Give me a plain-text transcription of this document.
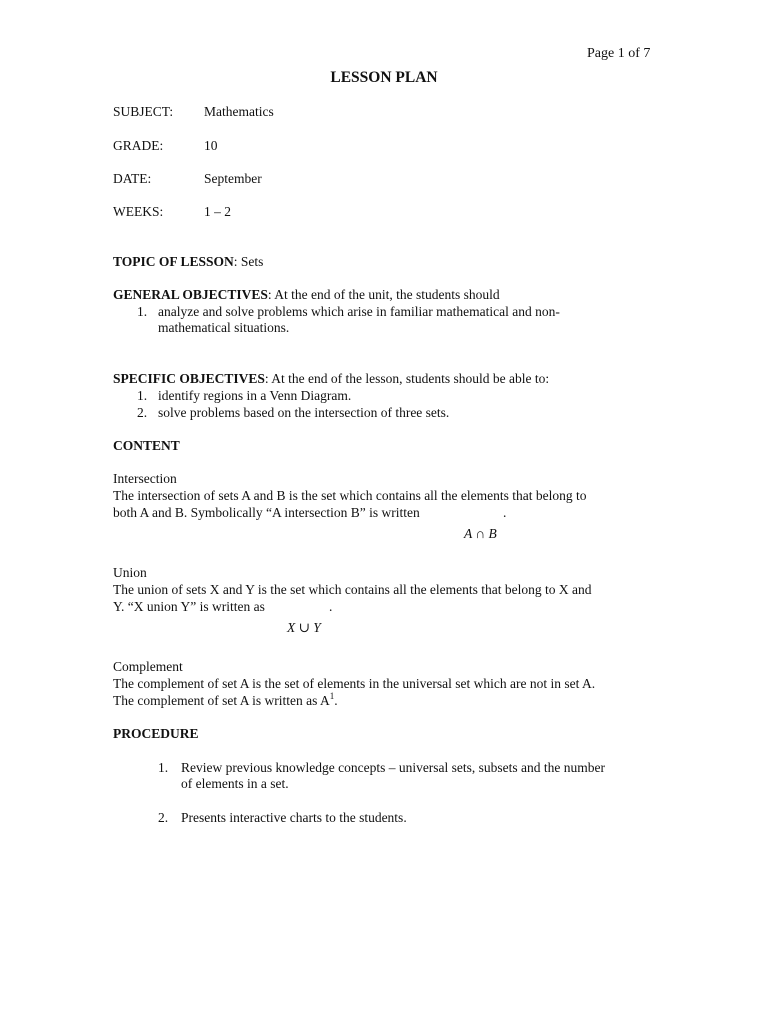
Page 1 of 7
LESSON PLAN
SUBJECT: Mathematics
GRADE:	10
DATE:	September
WEEKS:	1 – 2
TOPIC OF LESSON: Sets
GENERAL OBJECTIVES: At the end of the unit, the students should
1. analyze and solve problems which arise in familiar mathematical and non-
mathematical situations.
SPECIFIC OBJECTIVES: At the end of the lesson, students should be able to:
1. identify regions in a Venn Diagram.
2. solve problems based on the intersection of three sets.
CONTENT
Intersection
The intersection of sets A and B is the set which contains all the elements that belong to
both A and B. Symbolically “A intersection B” is written	.
A ∩ B
Union
The union of sets X and Y is the set which contains all the elements that belong to X and
Y. “X union Y” is written as	.
X ∪ Y
Complement
The complement of set A is the set of elements in the universal set which are not in set A.
The complement of set A is written as $A^1$.
PROCEDURE
1. Review previous knowledge concepts – universal sets, subsets and the number
of elements in a set.
2. Presents interactive charts to the students.
